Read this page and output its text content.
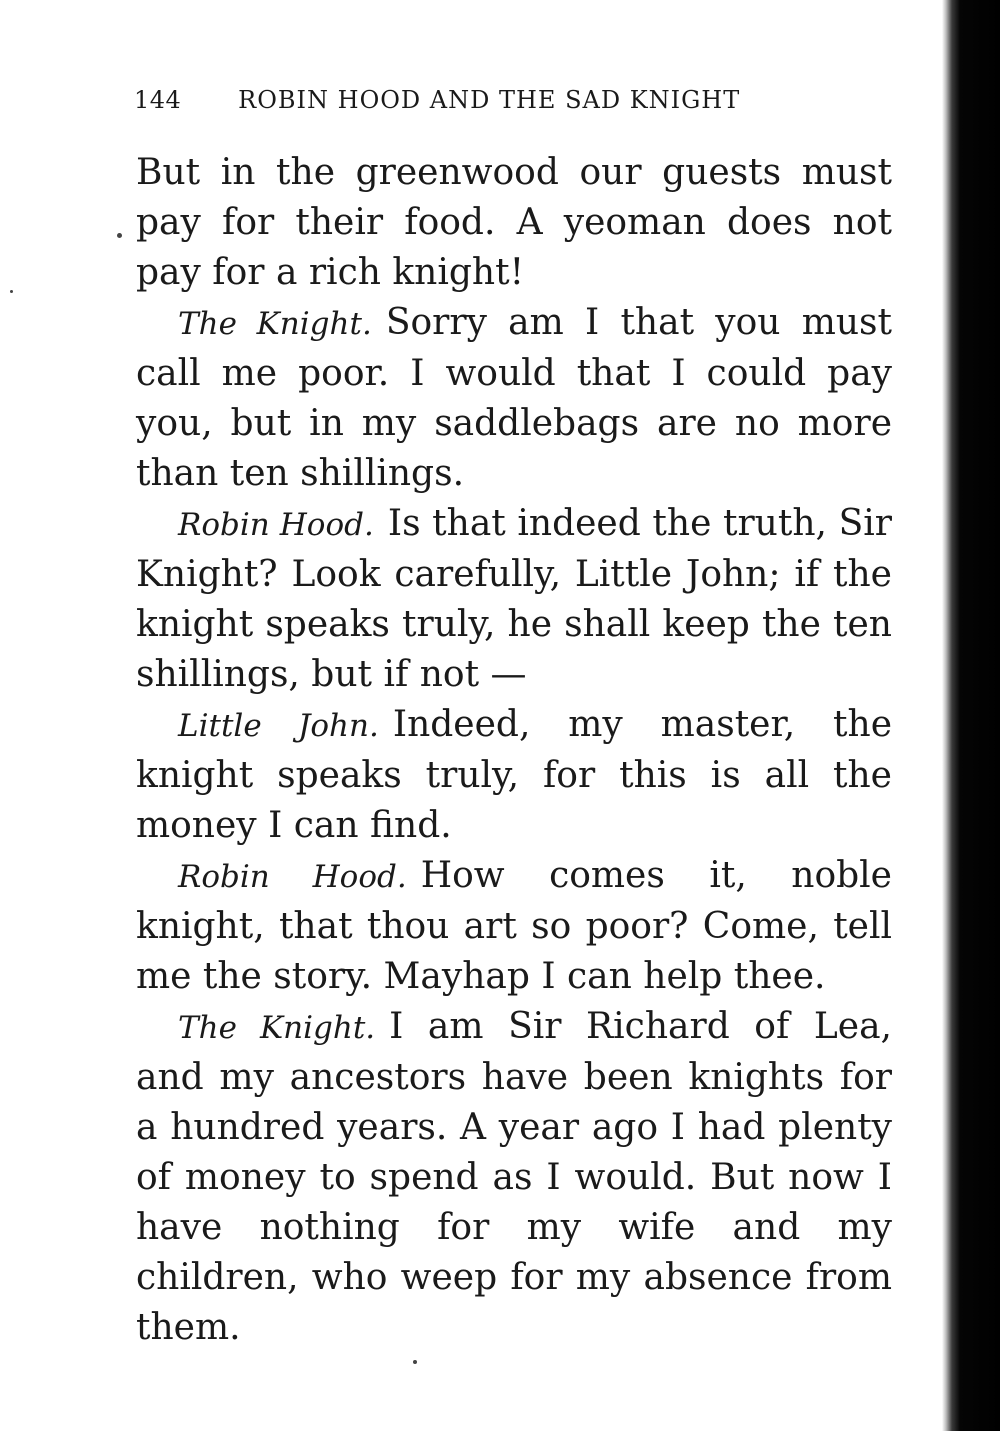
144 ROBIN HOOD AND THE SAD KNIGHT

But in the greenwood our guests must pay for their food. A yeoman does not pay for a rich knight!

The Knight. Sorry am I that you must call me poor. I would that I could pay you, but in my saddlebags are no more than ten shillings.

Robin Hood. Is that indeed the truth, Sir Knight? Look carefully, Little John; if the knight speaks truly, he shall keep the ten shillings, but if not —

Little John. Indeed, my master, the knight speaks truly, for this is all the money I can find.

Robin Hood. How comes it, noble knight, that thou art so poor? Come, tell me the story. Mayhap I can help thee.

The Knight. I am Sir Richard of Lea, and my ancestors have been knights for a hundred years. A year ago I had plenty of money to spend as I would. But now I have nothing for my wife and my children, who weep for my absence from them.
